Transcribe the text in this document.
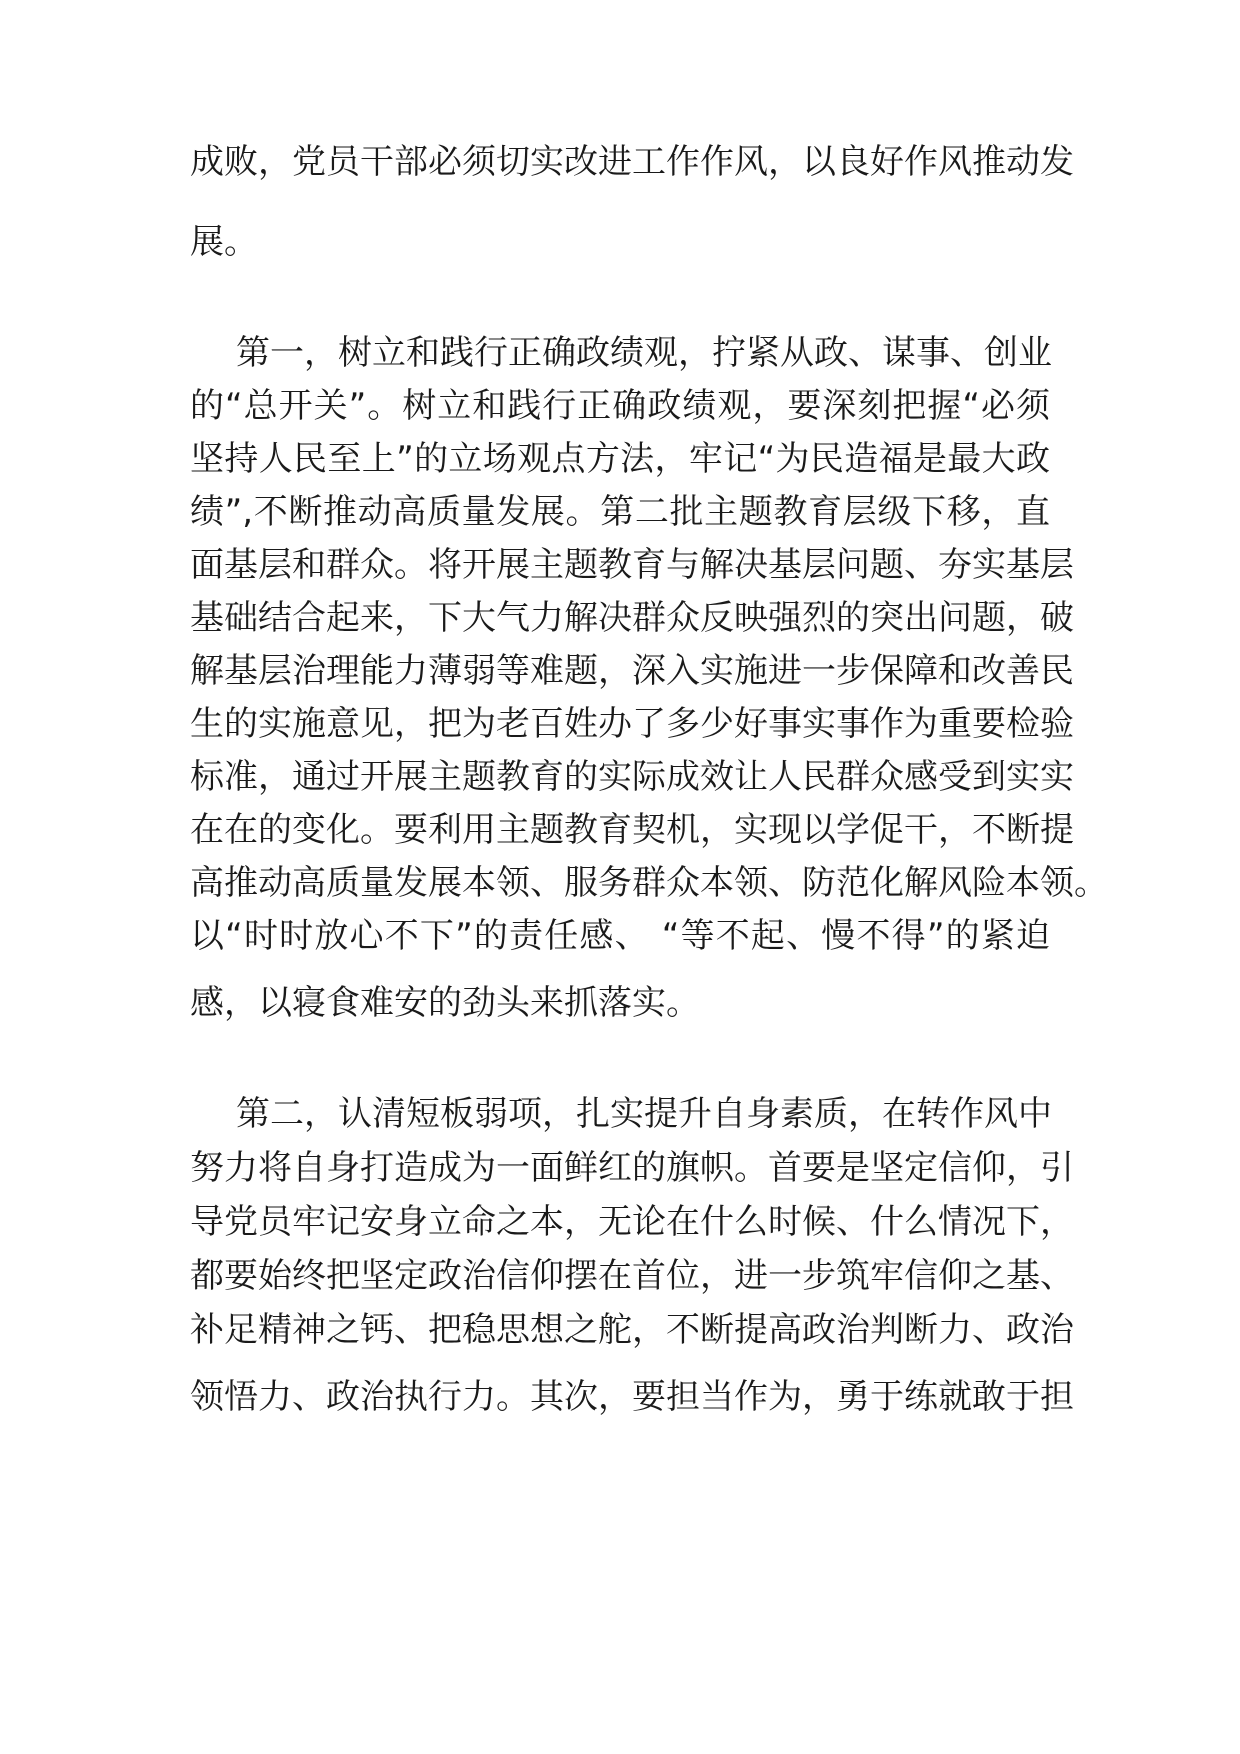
成败，党员干部必须切实改进工作作风，以良好作风推动发
展。
第一，树立和践行正确政绩观，拧紧从政、谋事、创业
的“总开关”。树立和践行正确政绩观，要深刻把握“必须
坚持人民至上”的立场观点方法，牢记“为民造福是最大政
绩”,不断推动高质量发展。第二批主题教育层级下移，直
面基层和群众。将开展主题教育与解决基层问题、夯实基层
基础结合起来，下大气力解决群众反映强烈的突出问题，破
解基层治理能力薄弱等难题，深入实施进一步保障和改善民
生的实施意见，把为老百姓办了多少好事实事作为重要检验
标准，通过开展主题教育的实际成效让人民群众感受到实实
在在的变化。要利用主题教育契机，实现以学促干，不断提
高推动高质量发展本领、服务群众本领、防范化解风险本领。
以“时时放心不下”的责任感、 “等不起、慢不得”的紧迫
感，以寝食难安的劲头来抓落实。
第二，认清短板弱项，扎实提升自身素质，在转作风中
努力将自身打造成为一面鲜红的旗帜。首要是坚定信仰，引
导党员牢记安身立命之本，无论在什么时候、什么情况下，
都要始终把坚定政治信仰摆在首位，进一步筑牢信仰之基、
补足精神之钙、把稳思想之舵，不断提高政治判断力、政治
领悟力、政治执行力。其次，要担当作为，勇于练就敢于担
